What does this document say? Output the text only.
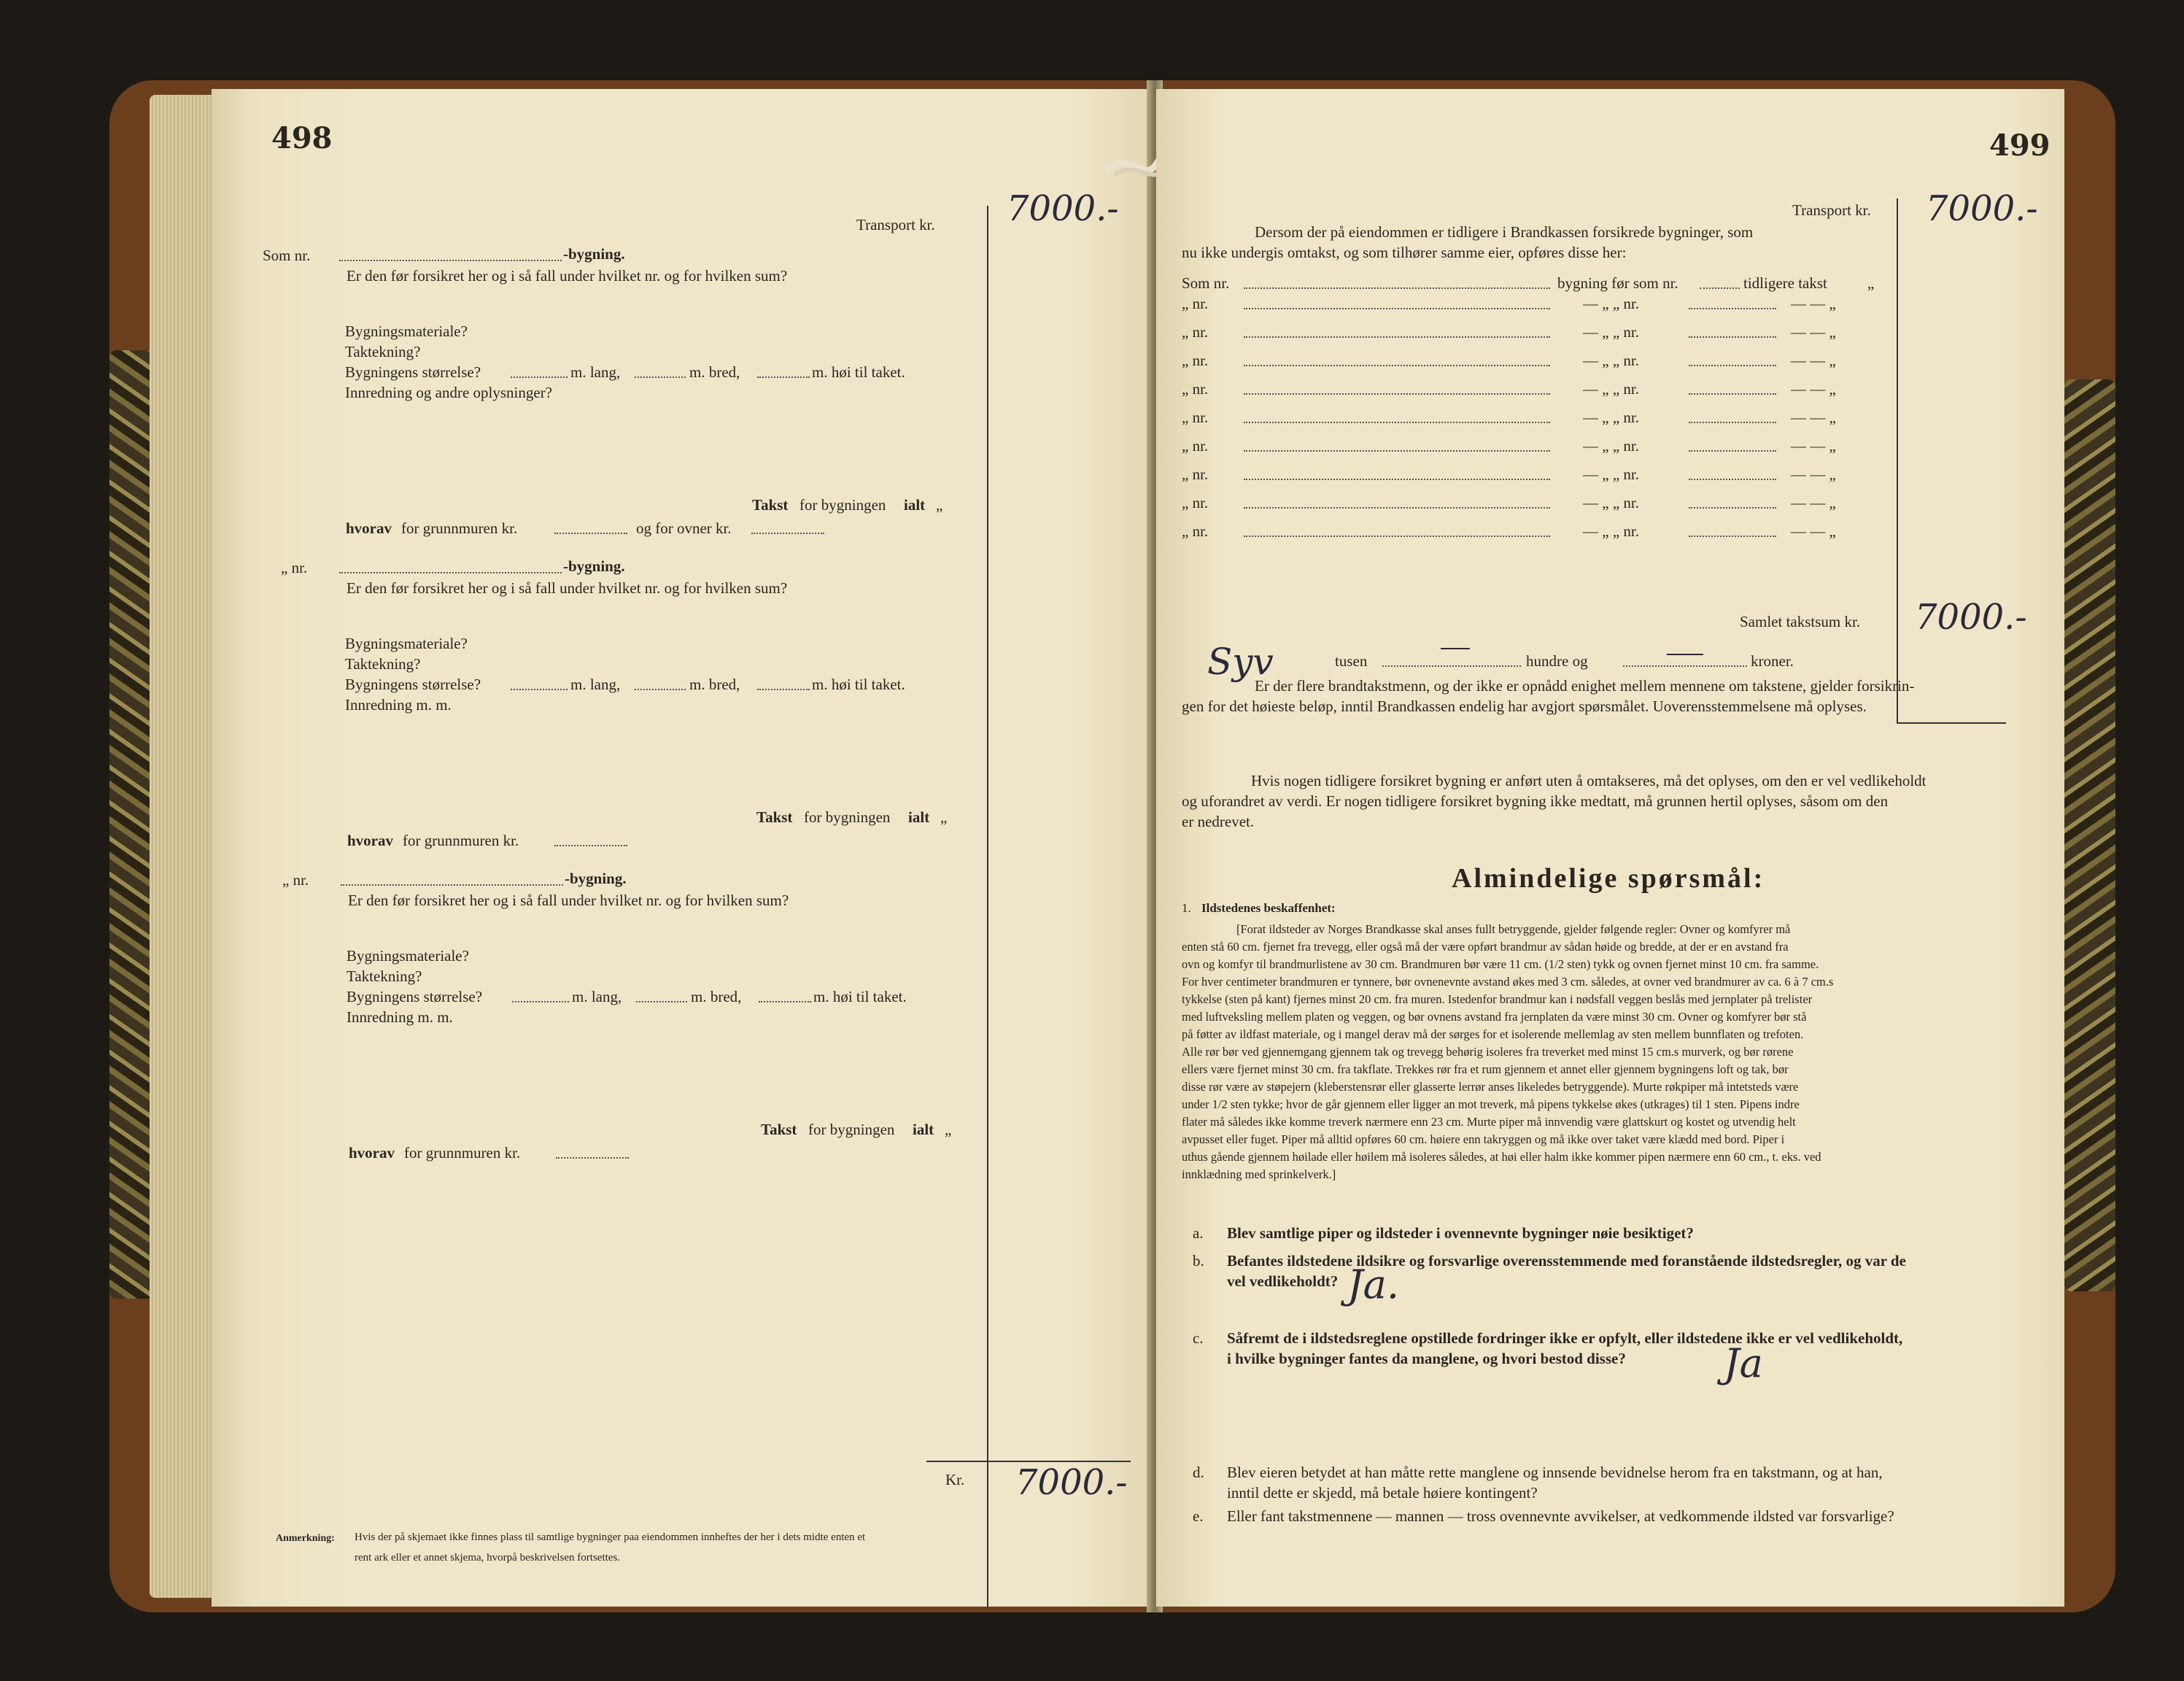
498
Transport kr. 7000.-
Som nr.	-bygning.
Er den før forsikret her og i så fall under hvilket nr. og for hvilken sum?
Bygningsmateriale?
Taktekning?
Bygningens størrelse?	m. lang,	m. bred,	m. høi til taket.
Innredning og andre oplysninger?
Takst for bygningen ialt „
hvorav for grunnmuren kr.	og for ovner kr.
„ nr.	-bygning.
Er den før forsikret her og i så fall under hvilket nr. og for hvilken sum?
Bygningsmateriale?
Taktekning?
Bygningens størrelse?	m. lang,	m. bred,	m. høi til taket.
Innredning m. m.
Takst for bygningen ialt „
hvorav for grunnmuren kr.
„ nr.	-bygning.
Er den før forsikret her og i så fall under hvilket nr. og for hvilken sum?
Bygningsmateriale?
Taktekning?
Bygningens størrelse?	m. lang,	m. bred,	m. høi til taket.
Innredning m. m.
Takst for bygningen ialt „
hvorav for grunnmuren kr.
Kr. 7000.-
Anmerkning: Hvis der på skjemaet ikke finnes plass til samtlige bygninger paa eiendommen innheftes der her i dets midte enten et
rent ark eller et annet skjema, hvorpå beskrivelsen fortsettes.
499
Transport kr. 7000.-
Dersom der på eiendommen er tidligere i Brandkassen forsikrede bygninger, som
nu ikke undergis omtakst, og som tilhører samme eier, opføres disse her:
Som nr.	bygning før som nr.	tidligere takst	„
„ nr.	— „ „ nr.	— — „
„ nr.	— „ „ nr.	— — „
„ nr.	— „ „ nr.	— — „
„ nr.	— „ „ nr.	— — „
„ nr.	— „ „ nr.	— — „
„ nr.	— „ „ nr.	— — „
„ nr.	— „ „ nr.	— — „
„ nr.	— „ „ nr.	— — „
„ nr.	— „ „ nr.	— — „
Samlet takstsum kr. 7000.-
Syv	tusen	hundre og	kroner.
Er der flere brandtakstmenn, og der ikke er opnådd enighet mellem mennene om takstene, gjelder forsikrin-
gen for det høieste beløp, inntil Brandkassen endelig har avgjort spørsmålet. Uoverensstemmelsene må oplyses.
Hvis nogen tidligere forsikret bygning er anført uten å omtakseres, må det oplyses, om den er vel vedlikeholdt
og uforandret av verdi. Er nogen tidligere forsikret bygning ikke medtatt, må grunnen hertil oplyses, såsom om den
er nedrevet.
Almindelige spørsmål:
1. Ildstedenes beskaffenhet:
[Forat ildsteder av Norges Brandkasse skal anses fullt betryggende, gjelder følgende regler: Ovner og komfyrer må
enten stå 60 cm. fjernet fra trevegg, eller også må der være opført brandmur av sådan høide og bredde, at der er en avstand fra
ovn og komfyr til brandmurlistene av 30 cm. Brandmuren bør være 11 cm. (1/2 sten) tykk og ovnen fjernet minst 10 cm. fra samme.
For hver centimeter brandmuren er tynnere, bør ovnenevnte avstand økes med 3 cm. således, at ovner ved brandmurer av ca. 6 à 7 cm.s
tykkelse (sten på kant) fjernes minst 20 cm. fra muren. Istedenfor brandmur kan i nødsfall veggen beslås med jernplater på trelister
med luftveksling mellem platen og veggen, og bør ovnens avstand fra jernplaten da være minst 30 cm. Ovner og komfyrer bør stå
på føtter av ildfast materiale, og i mangel derav må der sørges for et isolerende mellemlag av sten mellem bunnflaten og trefoten.
Alle rør bør ved gjennemgang gjennem tak og trevegg behørig isoleres fra treverket med minst 15 cm.s murverk, og bør rørene
ellers være fjernet minst 30 cm. fra takflate. Trekkes rør fra et rum gjennem et annet eller gjennem bygningens loft og tak, bør
disse rør være av støpejern (kleberstensrør eller glasserte lerrør anses likeledes betryggende). Murte røkpiper må intetsteds være
under 1/2 sten tykke; hvor de går gjennem eller ligger an mot treverk, må pipens tykkelse økes (utkrages) til 1 sten. Pipens indre
flater må således ikke komme treverk nærmere enn 23 cm. Murte piper må innvendig være glattskurt og kostet og utvendig helt
avpusset eller fuget. Piper må alltid opføres 60 cm. høiere enn takryggen og må ikke over taket være klædd med bord. Piper i
uthus gående gjennem høilade eller høilem må isoleres således, at høi eller halm ikke kommer pipen nærmere enn 60 cm., t. eks. ved
innklædning med sprinkelverk.]
a. Blev samtlige piper og ildsteder i ovennevnte bygninger nøie besiktiget?
b. Befantes ildstedene ildsikre og forsvarlige overensstemmende med foranstående ildstedsregler, og var de
vel vedlikeholdt? Ja.
c. Såfremt de i ildstedsreglene opstillede fordringer ikke er opfylt, eller ildstedene ikke er vel vedlikeholdt,
i hvilke bygninger fantes da manglene, og hvori bestod disse? Ja
d. Blev eieren betydet at han måtte rette manglene og innsende bevidnelse herom fra en takstmann, og at han,
inntil dette er skjedd, må betale høiere kontingent?
e. Eller fant takstmennene — mannen — tross ovennevnte avvikelser, at vedkommende ildsted var forsvarlige?
